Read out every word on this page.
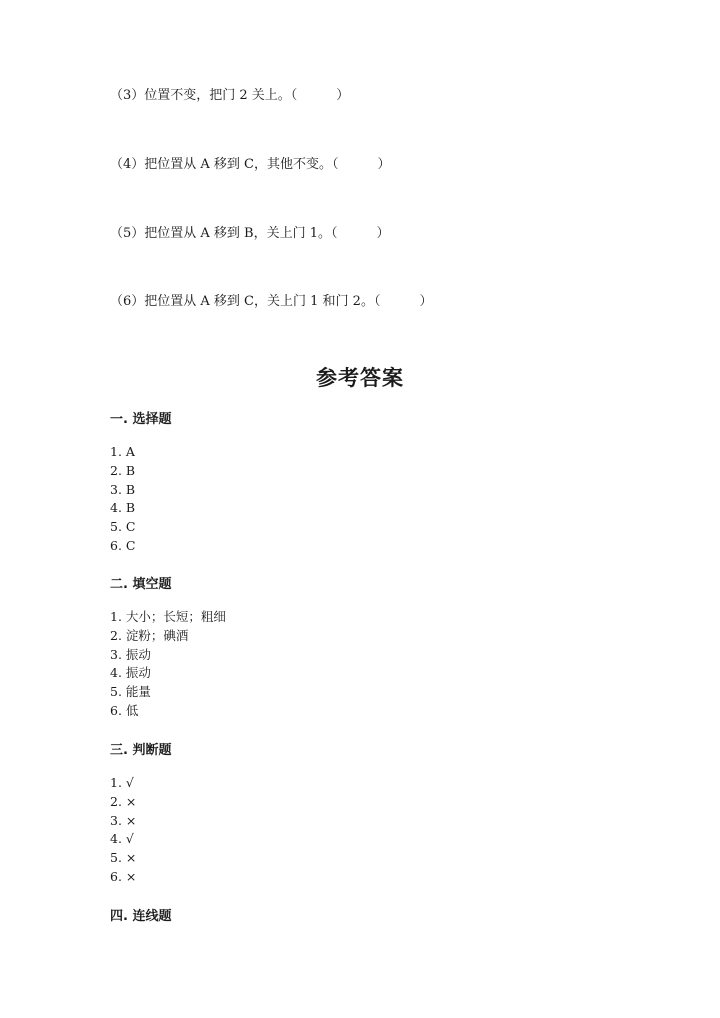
（3）位置不变，把门 2 关上。（　　　）
（4）把位置从 A 移到 C，其他不变。（　　　）
（5）把位置从 A 移到 B，关上门 1。（　　　）
（6）把位置从 A 移到 C，关上门 1 和门 2。（　　　）
参考答案
一. 选择题
1. A
2. B
3. B
4. B
5. C
6. C
二. 填空题
1. 大小；长短；粗细
2. 淀粉；碘酒
3. 振动
4. 振动
5. 能量
6. 低
三. 判断题
1. √
2. ×
3. ×
4. √
5. ×
6. ×
四. 连线题
